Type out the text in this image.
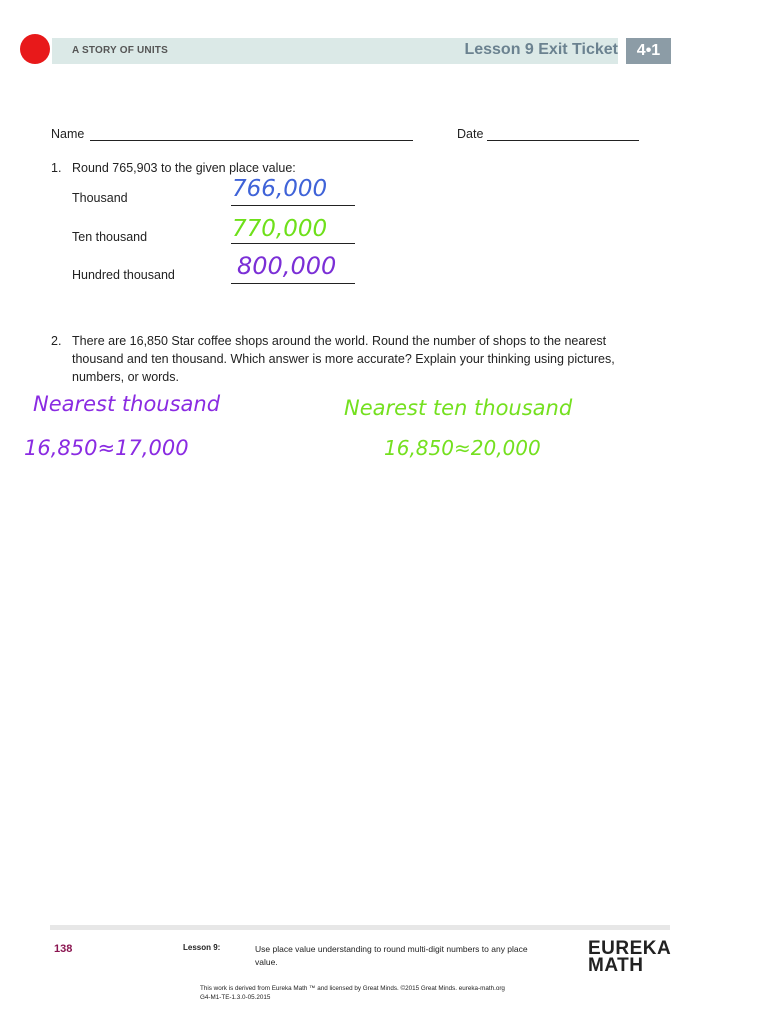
A STORY OF UNITS	Lesson 9 Exit Ticket	4•1
Name	Date
1. Round 765,903 to the given place value:
Thousand	766,000
Ten thousand	770,000
Hundred thousand	800,000
2. There are 16,850 Star coffee shops around the world. Round the number of shops to the nearest
thousand and ten thousand. Which answer is more accurate? Explain your thinking using pictures,
numbers, or words.
Nearest thousand
16,850≈17,000
Nearest ten thousand
16,850≈20,000
138	Lesson 9:	Use place value understanding to round multi-digit numbers to any place value.
EUREKA
MATH
This work is derived from Eureka Math ™ and licensed by Great Minds. ©2015 Great Minds. eureka-math.org
G4-M1-TE-1.3.0-05.2015
